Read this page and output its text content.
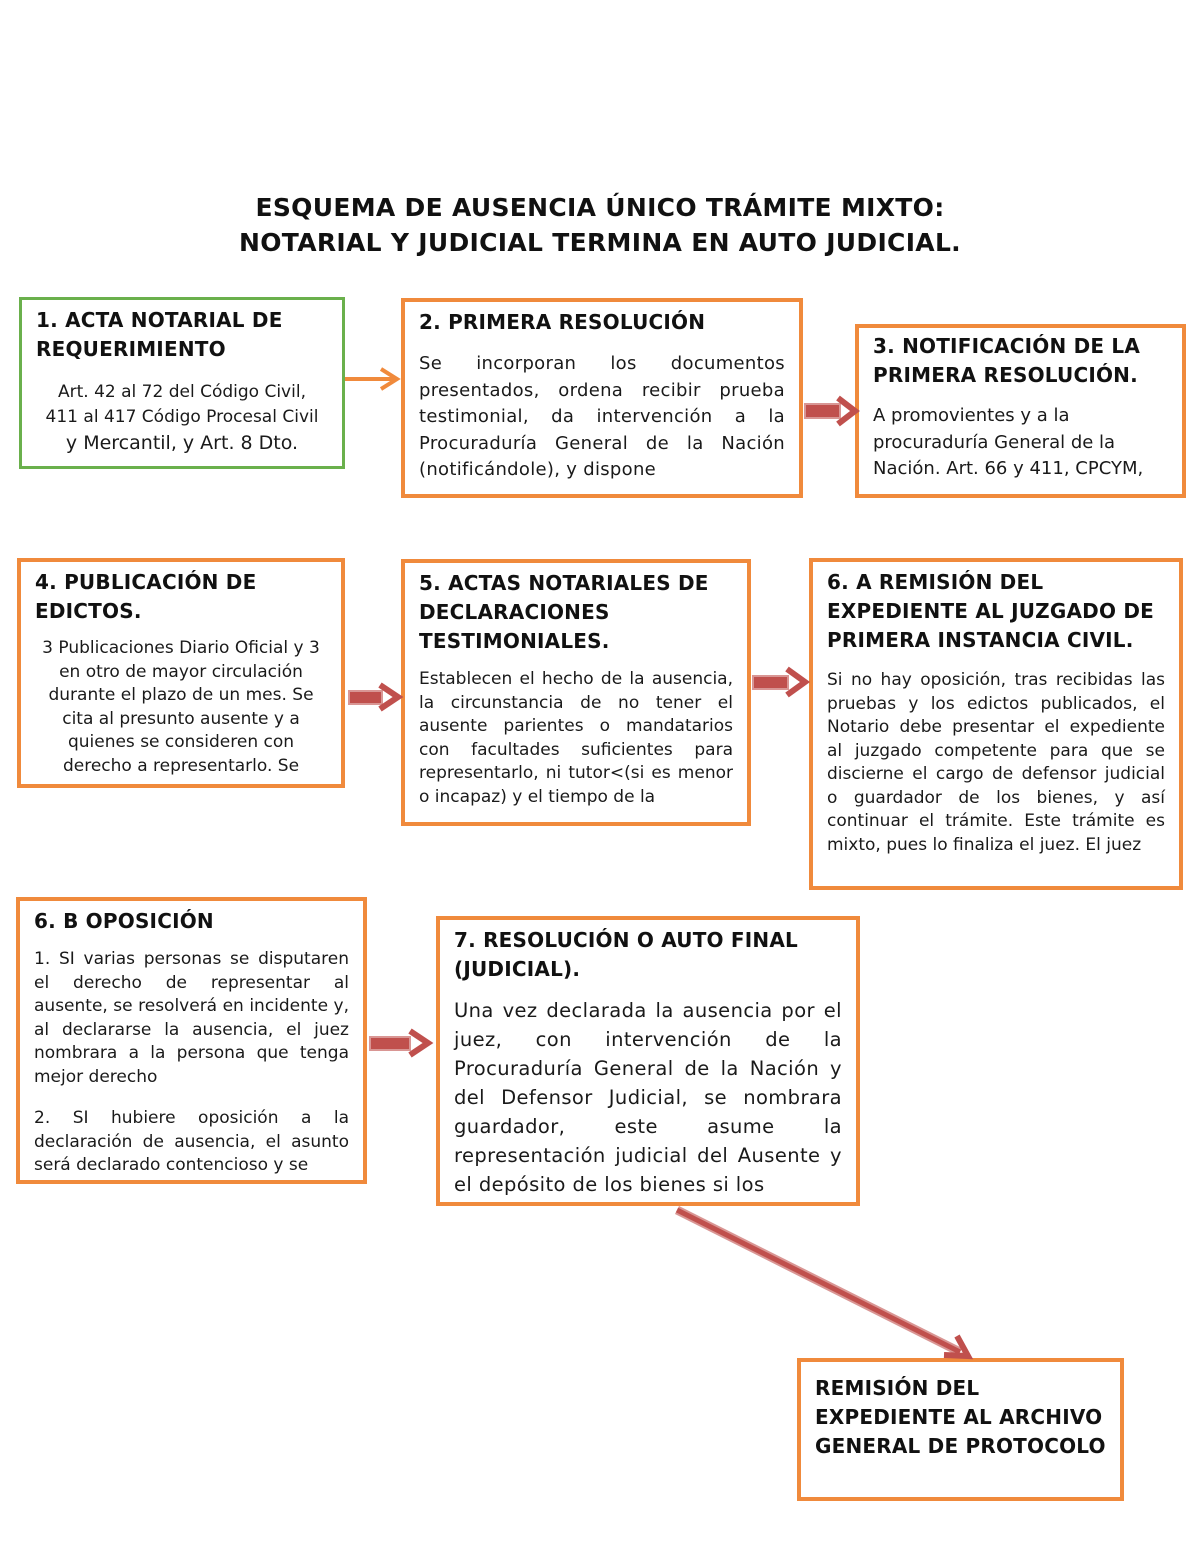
ESQUEMA DE AUSENCIA ÚNICO TRÁMITE MIXTO:
NOTARIAL Y JUDICIAL TERMINA EN AUTO JUDICIAL.
1. ACTA NOTARIAL DE REQUERIMIENTO
Art. 42 al 72 del Código Civil,
411 al 417 Código Procesal Civil
y Mercantil, y Art. 8 Dto.
2. PRIMERA RESOLUCIÓN
Se incorporan los documentos presentados, ordena recibir prueba testimonial, da intervención a la Procuraduría General de la Nación (notificándole), y dispone
3. NOTIFICACIÓN DE LA PRIMERA RESOLUCIÓN.
A promovientes y a la procuraduría General de la Nación. Art. 66 y 411, CPCYM,
4. PUBLICACIÓN DE EDICTOS.
3 Publicaciones Diario Oficial y 3 en otro de mayor circulación durante el plazo de un mes. Se cita al presunto ausente y a quienes se consideren con derecho a representarlo. Se
5. ACTAS NOTARIALES DE DECLARACIONES TESTIMONIALES.
Establecen el hecho de la ausencia, la circunstancia de no tener el ausente parientes o mandatarios con facultades suficientes para representarlo, ni tutor<(si es menor o incapaz) y el tiempo de la
6. A REMISIÓN DEL EXPEDIENTE AL JUZGADO DE PRIMERA INSTANCIA CIVIL.
Si no hay oposición, tras recibidas las pruebas y los edictos publicados, el Notario debe presentar el expediente al juzgado competente para que se discierne el cargo de defensor judicial o guardador de los bienes, y así continuar el trámite. Este trámite es mixto, pues lo finaliza el juez. El juez
6. B OPOSICIÓN
1. SI varias personas se disputaren el derecho de representar al ausente, se resolverá en incidente y, al declararse la ausencia, el juez nombrara a la persona que tenga mejor derecho
2. SI hubiere oposición a la declaración de ausencia, el asunto será declarado contencioso y se
7. RESOLUCIÓN O AUTO FINAL (JUDICIAL).
Una vez declarada la ausencia por el juez, con intervención de la Procuraduría General de la Nación y del Defensor Judicial, se nombrara guardador, este asume la representación judicial del Ausente y el depósito de los bienes si los
REMISIÓN DEL EXPEDIENTE AL ARCHIVO GENERAL DE PROTOCOLO
